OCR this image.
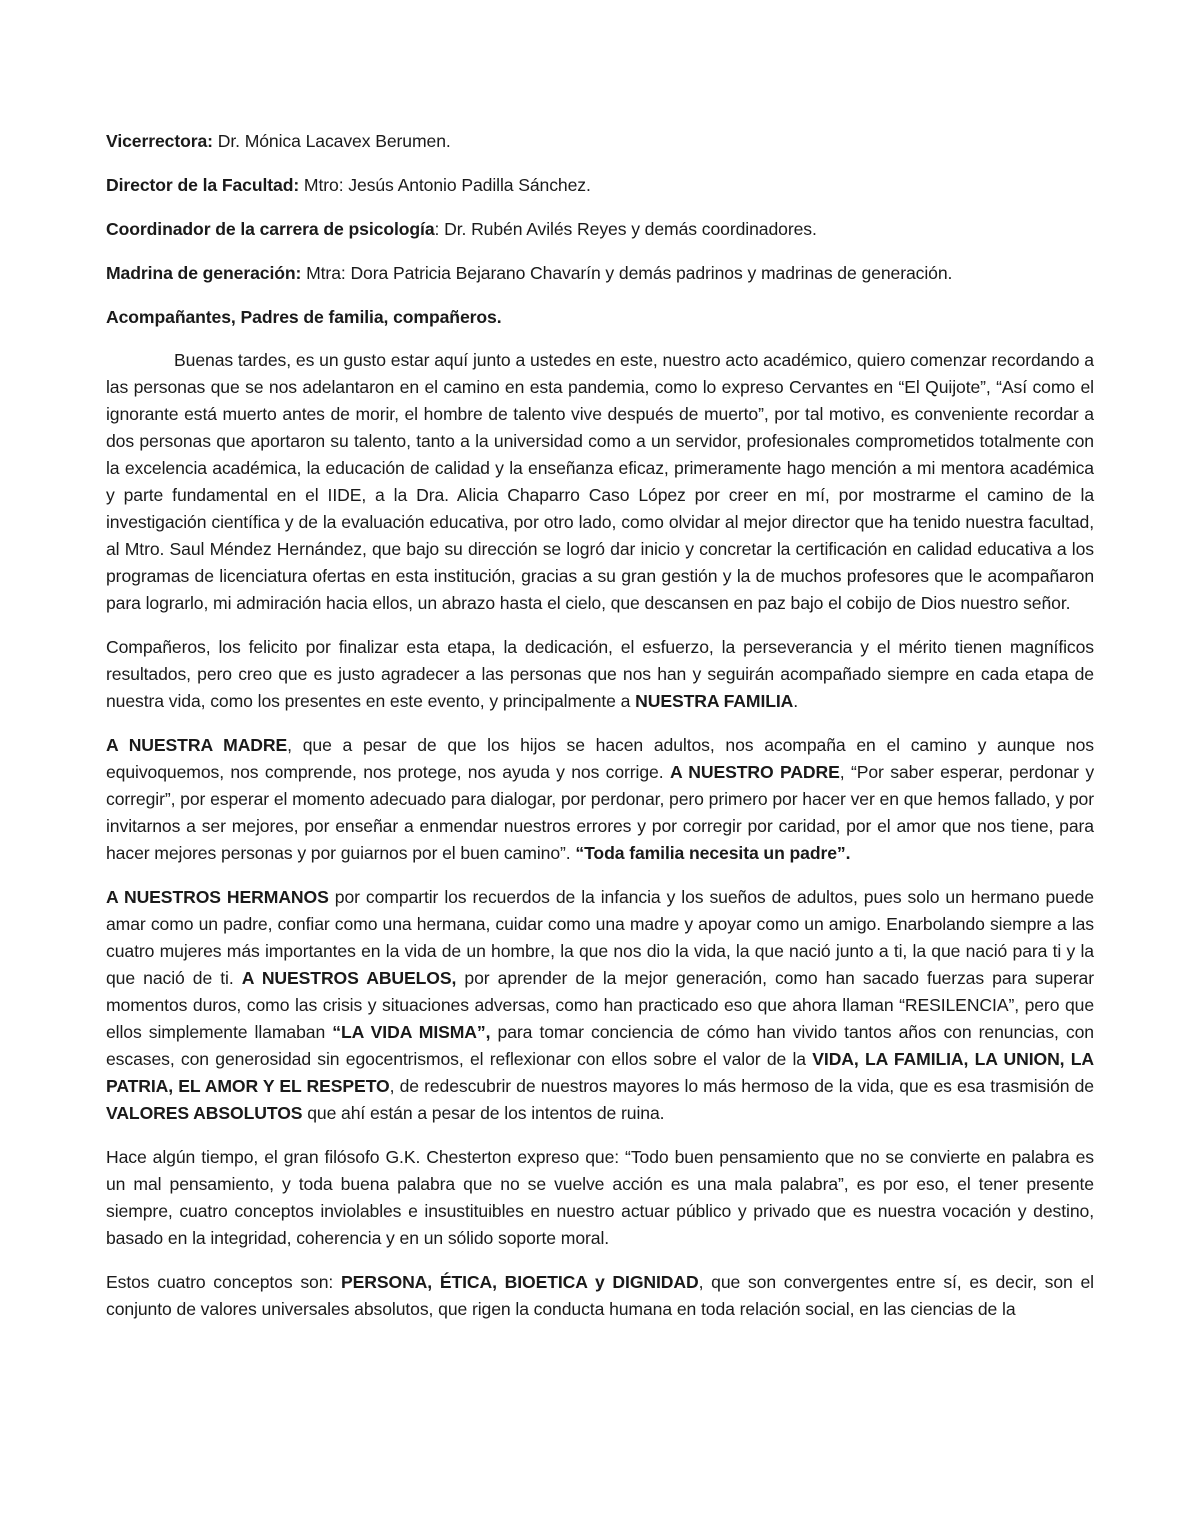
Vicerrectora: Dr. Mónica Lacavex Berumen.

Director de la Facultad: Mtro: Jesús Antonio Padilla Sánchez.

Coordinador de la carrera de psicología: Dr. Rubén Avilés Reyes y demás coordinadores.

Madrina de generación: Mtra: Dora Patricia Bejarano Chavarín y demás padrinos y madrinas de generación.

Acompañantes, Padres de familia, compañeros.

Buenas tardes, es un gusto estar aquí junto a ustedes en este, nuestro acto académico, quiero comenzar recordando a las personas que se nos adelantaron en el camino en esta pandemia, como lo expreso Cervantes en “El Quijote”, “Así como el ignorante está muerto antes de morir, el hombre de talento vive después de muerto”, por tal motivo, es conveniente recordar a dos personas que aportaron su talento, tanto a la universidad como a un servidor, profesionales comprometidos totalmente con la excelencia académica, la educación de calidad y la enseñanza eficaz, primeramente hago mención a mi mentora académica y parte fundamental en el IIDE, a la Dra. Alicia Chaparro Caso López por creer en mí, por mostrarme el camino de la investigación científica y de la evaluación educativa, por otro lado, como olvidar al mejor director que ha tenido nuestra facultad, al Mtro. Saul Méndez Hernández, que bajo su dirección se logró dar inicio y concretar la certificación en calidad educativa a los programas de licenciatura ofertas en esta institución, gracias a su gran gestión y la de muchos profesores que le acompañaron para lograrlo, mi admiración hacia ellos, un abrazo hasta el cielo, que descansen en paz bajo el cobijo de Dios nuestro señor.

Compañeros, los felicito por finalizar esta etapa, la dedicación, el esfuerzo, la perseverancia y el mérito tienen magníficos resultados, pero creo que es justo agradecer a las personas que nos han y seguirán acompañado siempre en cada etapa de nuestra vida, como los presentes en este evento, y principalmente a NUESTRA FAMILIA.

A NUESTRA MADRE, que a pesar de que los hijos se hacen adultos, nos acompaña en el camino y aunque nos equivoquemos, nos comprende, nos protege, nos ayuda y nos corrige. A NUESTRO PADRE, “Por saber esperar, perdonar y corregir”, por esperar el momento adecuado para dialogar, por perdonar, pero primero por hacer ver en que hemos fallado, y por invitarnos a ser mejores, por enseñar a enmendar nuestros errores y por corregir por caridad, por el amor que nos tiene, para hacer mejores personas y por guiarnos por el buen camino”. “Toda familia necesita un padre”.

A NUESTROS HERMANOS por compartir los recuerdos de la infancia y los sueños de adultos, pues solo un hermano puede amar como un padre, confiar como una hermana, cuidar como una madre y apoyar como un amigo. Enarbolando siempre a las cuatro mujeres más importantes en la vida de un hombre, la que nos dio la vida, la que nació junto a ti, la que nació para ti y la que nació de ti. A NUESTROS ABUELOS, por aprender de la mejor generación, como han sacado fuerzas para superar momentos duros, como las crisis y situaciones adversas, como han practicado eso que ahora llaman “RESILENCIA”, pero que ellos simplemente llamaban “LA VIDA MISMA”, para tomar conciencia de cómo han vivido tantos años con renuncias, con escases, con generosidad sin egocentrismos, el reflexionar con ellos sobre el valor de la VIDA, LA FAMILIA, LA UNION, LA PATRIA, EL AMOR Y EL RESPETO, de redescubrir de nuestros mayores lo más hermoso de la vida, que es esa trasmisión de VALORES ABSOLUTOS que ahí están a pesar de los intentos de ruina.

Hace algún tiempo, el gran filósofo G.K. Chesterton expreso que: “Todo buen pensamiento que no se convierte en palabra es un mal pensamiento, y toda buena palabra que no se vuelve acción es una mala palabra”, es por eso, el tener presente siempre, cuatro conceptos inviolables e insustituibles en nuestro actuar público y privado que es nuestra vocación y destino, basado en la integridad, coherencia y en un sólido soporte moral.

Estos cuatro conceptos son: PERSONA, ÉTICA, BIOETICA y DIGNIDAD, que son convergentes entre sí, es decir, son el conjunto de valores universales absolutos, que rigen la conducta humana en toda relación social, en las ciencias de la
